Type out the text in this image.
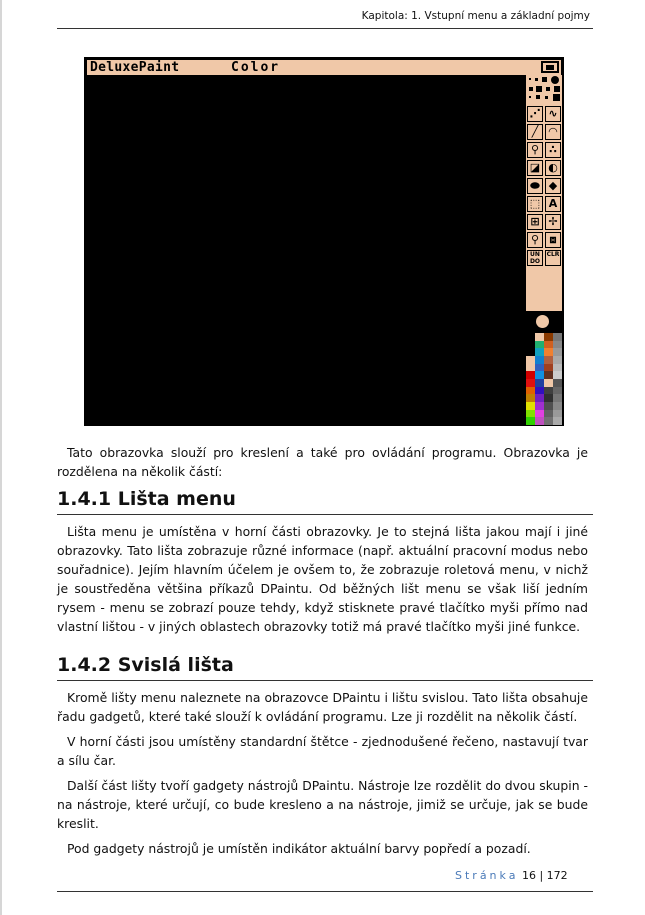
Kapitola: 1. Vstupní menu a základní pojmy
DeluxePaint	Color
⋰ ∿
╱ ◠
⚲ ∴
◪ ◐
⬬ ◆
⬚ A
⊞ ✢
⚲ ⧈
UN DO
CLR

Tato obrazovka slouží pro kreslení a také pro ovládání programu. Obrazovka je rozdělena na několik částí:

1.4.1 Lišta menu

Lišta menu je umístěna v horní části obrazovky. Je to stejná lišta jakou mají i jiné obrazovky. Tato lišta zobrazuje různé informace (např. aktuální pracovní modus nebo souřadnice). Jejím hlavním účelem je ovšem to, že zobrazuje roletová menu, v nichž je soustředěna většina příkazů DPaintu. Od běžných lišt menu se však liší jedním rysem - menu se zobrazí pouze tehdy, když stisknete pravé tlačítko myši přímo nad vlastní lištou - v jiných oblastech obrazovky totiž má pravé tlačítko myši jiné funkce.

1.4.2 Svislá lišta

Kromě lišty menu naleznete na obrazovce DPaintu i lištu svislou. Tato lišta obsahuje řadu gadgetů, které také slouží k ovládání programu. Lze ji rozdělit na několik částí.

V horní části jsou umístěny standardní štětce - zjednodušené řečeno, nastavují tvar a sílu čar.

Další část lišty tvoří gadgety nástrojů DPaintu. Nástroje lze rozdělit do dvou skupin - na nástroje, které určují, co bude kresleno a na nástroje, jimiž se určuje, jak se bude kreslit.

Pod gadgety nástrojů je umístěn indikátor aktuální barvy popředí a pozadí.

Stránka 16 | 172
